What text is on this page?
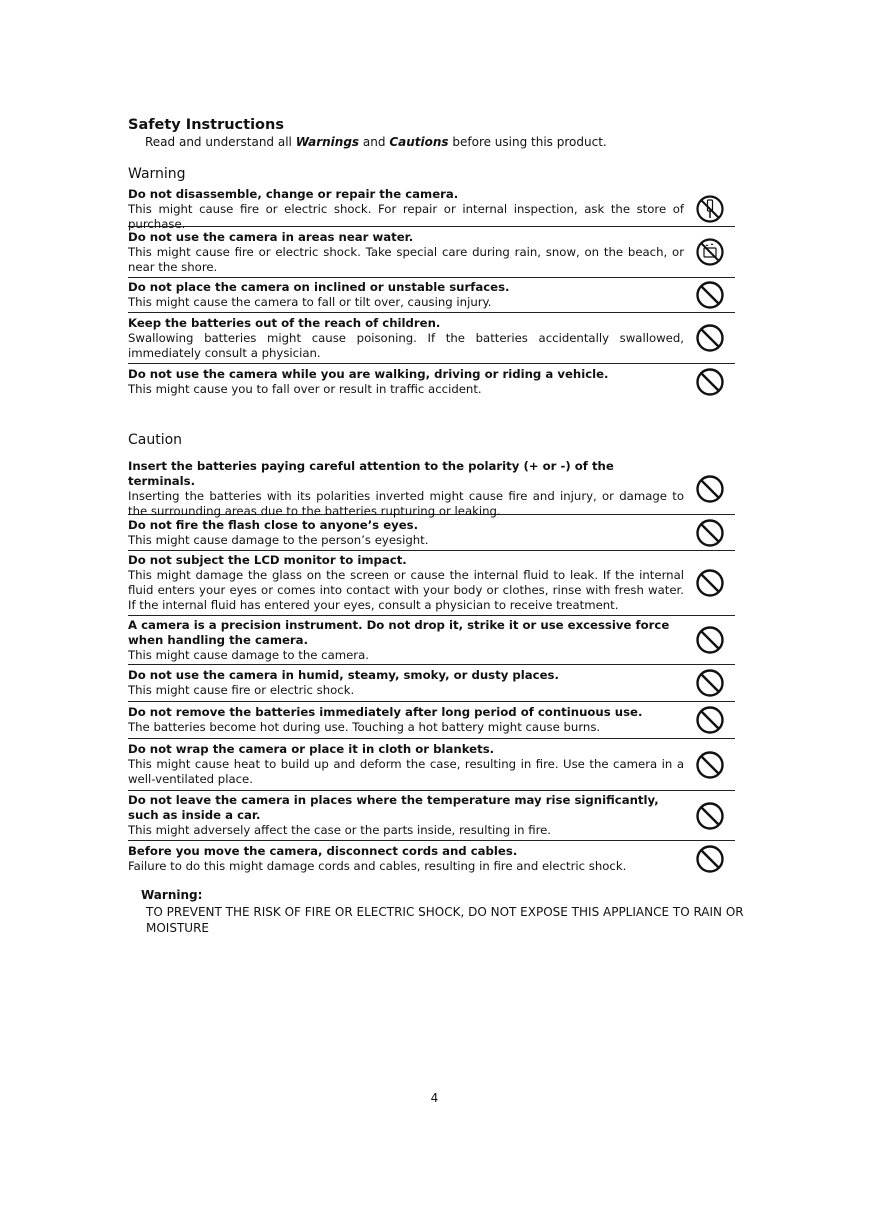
Safety Instructions
Read and understand all Warnings and Cautions before using this product.
Warning
Do not disassemble, change or repair the camera.
This might cause fire or electric shock. For repair or internal inspection, ask the store of purchase.
Do not use the camera in areas near water.
This might cause fire or electric shock. Take special care during rain, snow, on the beach, or near the shore.
Do not place the camera on inclined or unstable surfaces.
This might cause the camera to fall or tilt over, causing injury.
Keep the batteries out of the reach of children.
Swallowing batteries might cause poisoning. If the batteries accidentally swallowed, immediately consult a physician.
Do not use the camera while you are walking, driving or riding a vehicle.
This might cause you to fall over or result in traffic accident.
Caution
Insert the batteries paying careful attention to the polarity (+ or -) of the terminals.
Inserting the batteries with its polarities inverted might cause fire and injury, or damage to the surrounding areas due to the batteries rupturing or leaking.
Do not fire the flash close to anyone’s eyes.
This might cause damage to the person’s eyesight.
Do not subject the LCD monitor to impact.
This might damage the glass on the screen or cause the internal fluid to leak. If the internal fluid enters your eyes or comes into contact with your body or clothes, rinse with fresh water. If the internal fluid has entered your eyes, consult a physician to receive treatment.
A camera is a precision instrument. Do not drop it, strike it or use excessive force when handling the camera.
This might cause damage to the camera.
Do not use the camera in humid, steamy, smoky, or dusty places.
This might cause fire or electric shock.
Do not remove the batteries immediately after long period of continuous use.
The batteries become hot during use. Touching a hot battery might cause burns.
Do not wrap the camera or place it in cloth or blankets.
This might cause heat to build up and deform the case, resulting in fire. Use the camera in a well-ventilated place.
Do not leave the camera in places where the temperature may rise significantly, such as inside a car.
This might adversely affect the case or the parts inside, resulting in fire.
Before you move the camera, disconnect cords and cables.
Failure to do this might damage cords and cables, resulting in fire and electric shock.
Warning:
TO PREVENT THE RISK OF FIRE OR ELECTRIC SHOCK, DO NOT EXPOSE THIS APPLIANCE TO RAIN OR MOISTURE
4
